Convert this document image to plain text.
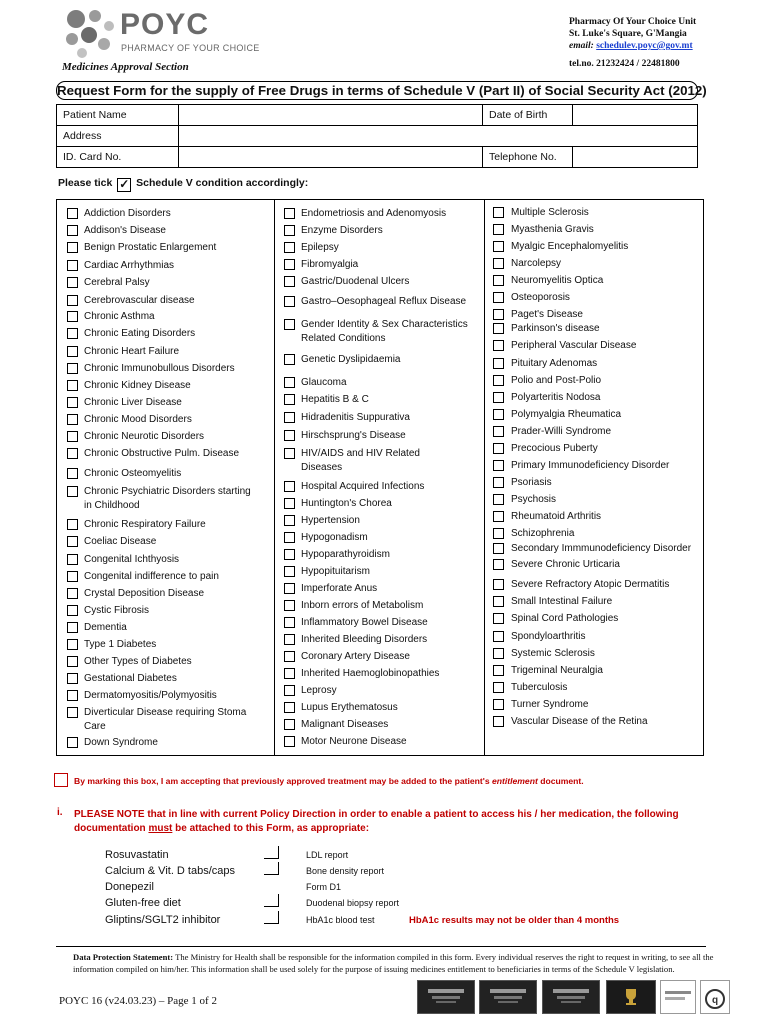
POYC
PHARMACY OF YOUR CHOICE
Medicines Approval Section
Pharmacy Of Your Choice Unit
St. Luke's Square, G'Mangia
email: schedulev.poyc@gov.mt
tel.no. 21232424 / 22481800
Request Form for the supply of Free Drugs in terms of Schedule V (Part II) of Social Security Act (2012)
Patient Name		Date of Birth	
Address			
ID. Card No.		Telephone No.	
Please tick ✓ Schedule V condition accordingly:
Addiction Disorders
Addison's Disease
Benign Prostatic Enlargement
Cardiac Arrhythmias
Cerebral Palsy
Cerebrovascular disease
Chronic Asthma
Chronic Eating Disorders
Chronic Heart Failure
Chronic Immunobullous Disorders
Chronic Kidney Disease
Chronic Liver Disease
Chronic Mood Disorders
Chronic Neurotic Disorders
Chronic Obstructive Pulm. Disease
Chronic Osteomyelitis
Chronic Psychiatric Disorders starting
in Childhood
Chronic Respiratory Failure
Coeliac Disease
Congenital Ichthyosis
Congenital indifference to pain
Crystal Deposition Disease
Cystic Fibrosis
Dementia
Type 1 Diabetes
Other Types of Diabetes
Gestational Diabetes
Dermatomyositis/Polymyositis
Diverticular Disease requiring Stoma
Care
Down Syndrome
Endometriosis and Adenomyosis
Enzyme Disorders
Epilepsy
Fibromyalgia
Gastric/Duodenal Ulcers
Gastro–Oesophageal Reflux Disease
Gender Identity & Sex Characteristics
Related Conditions
Genetic Dyslipidaemia
Glaucoma
Hepatitis B & C
Hidradenitis Suppurativa
Hirschsprung's Disease
HIV/AIDS and HIV Related
Diseases
Hospital Acquired Infections
Huntington's Chorea
Hypertension
Hypogonadism
Hypoparathyroidism
Hypopituitarism
Imperforate Anus
Inborn errors of Metabolism
Inflammatory Bowel Disease
Inherited Bleeding Disorders
Coronary Artery Disease
Inherited Haemoglobinopathies
Leprosy
Lupus Erythematosus
Malignant Diseases
Motor Neurone Disease
Multiple Sclerosis
Myasthenia Gravis
Myalgic Encephalomyelitis
Narcolepsy
Neuromyelitis Optica
Osteoporosis
Paget's Disease
Parkinson's disease
Peripheral Vascular Disease
Pituitary Adenomas
Polio and Post-Polio
Polyarteritis Nodosa
Polymyalgia Rheumatica
Prader-Willi Syndrome
Precocious Puberty
Primary Immunodeficiency Disorder
Psoriasis
Psychosis
Rheumatoid Arthritis
Schizophrenia
Secondary Immmunodeficiency Disorder
Severe Chronic Urticaria
Severe Refractory Atopic Dermatitis
Small Intestinal Failure
Spinal Cord Pathologies
Spondyloarthritis
Systemic Sclerosis
Trigeminal Neuralgia
Tuberculosis
Turner Syndrome
Vascular Disease of the Retina
By marking this box, I am accepting that previously approved treatment may be added to the patient's entitlement document.
i. PLEASE NOTE that in line with current Policy Direction in order to enable a patient to access his / her medication, the following documentation must be attached to this Form, as appropriate:
Rosuvastatin	LDL report
Calcium & Vit. D tabs/caps	Bone density report
Donepezil	Form D1
Gluten-free diet	Duodenal biopsy report
Gliptins/SGLT2 inhibitor	HbA1c blood test	HbA1c results may not be older than 4 months
Data Protection Statement: The Ministry for Health shall be responsible for the information compiled in this form. Every individual reserves the right to request in writing, to see all the information compiled on him/her. This information shall be used solely for the purpose of issuing medicines entitlement to beneficiaries in terms of the Schedule V legislation.
POYC 16 (v24.03.23) – Page 1 of 2	q
